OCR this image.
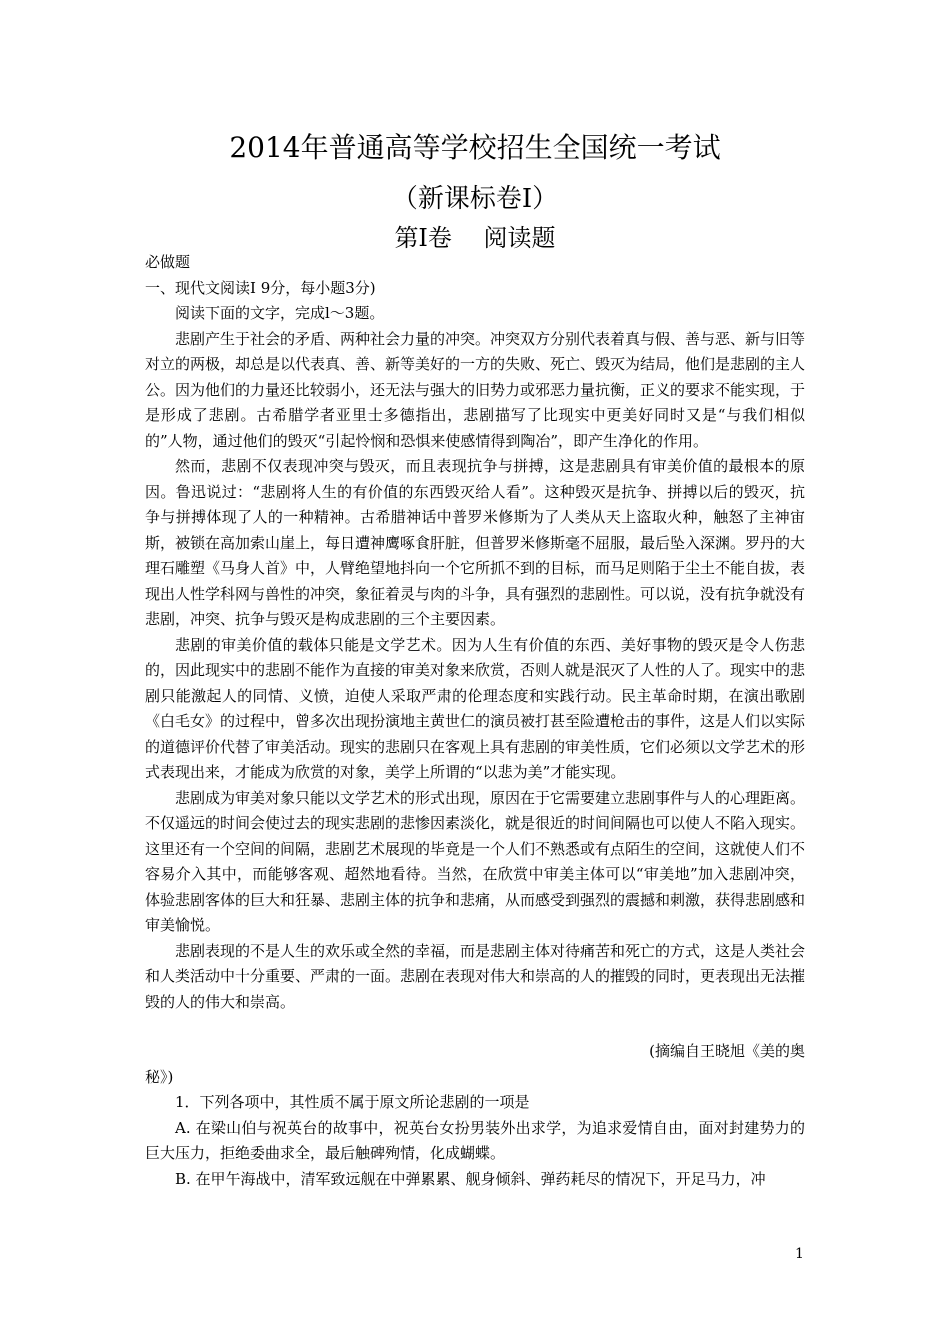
2014年普通高等学校招生全国统一考试
（新课标卷Ⅰ）
第Ⅰ卷　 阅读题

必做题

一、现代文阅读I 9分，每小题3分)

阅读下面的文字，完成l～3题。

悲剧产生于社会的矛盾、两种社会力量的冲突。冲突双方分别代表着真与假、善与恶、新与旧等对立的两极，却总是以代表真、善、新等美好的一方的失败、死亡、毁灭为结局，他们是悲剧的主人公。因为他们的力量还比较弱小，还无法与强大的旧势力或邪恶力量抗衡，正义的要求不能实现，于是形成了悲剧。古希腊学者亚里士多德指出，悲剧描写了比现实中更美好同时又是“与我们相似的”人物，通过他们的毁灭“引起怜悯和恐惧来使感情得到陶冶”，即产生净化的作用。

然而，悲剧不仅表现冲突与毁灭，而且表现抗争与拼搏，这是悲剧具有审美价值的最根本的原因。鲁迅说过：“悲剧将人生的有价值的东西毁灭给人看”。这种毁灭是抗争、拼搏以后的毁灭，抗争与拼搏体现了人的一种精神。古希腊神话中普罗米修斯为了人类从天上盗取火种，触怒了主神宙斯，被锁在高加索山崖上，每日遭神鹰啄食肝脏，但普罗米修斯毫不屈服，最后坠入深渊。罗丹的大理石雕塑《马身人首》中，人臂绝望地抖向一个它所抓不到的目标，而马足则陷于尘土不能自拔，表现出人性学科网与兽性的冲突，象征着灵与肉的斗争，具有强烈的悲剧性。可以说，没有抗争就没有悲剧，冲突、抗争与毁灭是构成悲剧的三个主要因素。

悲剧的审美价值的载体只能是文学艺术。因为人生有价值的东西、美好事物的毁灭是令人伤悲的，因此现实中的悲剧不能作为直接的审美对象来欣赏，否则人就是泯灭了人性的人了。现实中的悲剧只能激起人的同情、义愤，迫使人采取严肃的伦理态度和实践行动。民主革命时期，在演出歌剧《白毛女》的过程中，曾多次出现扮演地主黄世仁的演员被打甚至险遭枪击的事件，这是人们以实际的道德评价代替了审美活动。现实的悲剧只在客观上具有悲剧的审美性质，它们必须以文学艺术的形式表现出来，才能成为欣赏的对象，美学上所谓的“以悲为美”才能实现。

悲剧成为审美对象只能以文学艺术的形式出现，原因在于它需要建立悲剧事件与人的心理距离。不仅遥远的时间会使过去的现实悲剧的悲惨因素淡化，就是很近的时间间隔也可以使人不陷入现实。这里还有一个空间的间隔，悲剧艺术展现的毕竟是一个人们不熟悉或有点陌生的空间，这就使人们不容易介入其中，而能够客观、超然地看待。当然，在欣赏中审美主体可以“审美地”加入悲剧冲突，体验悲剧客体的巨大和狂暴、悲剧主体的抗争和悲痛，从而感受到强烈的震撼和刺激，获得悲剧感和审美愉悦。

悲剧表现的不是人生的欢乐或全然的幸福，而是悲剧主体对待痛苦和死亡的方式，这是人类社会和人类活动中十分重要、严肃的一面。悲剧在表现对伟大和崇高的人的摧毁的同时，更表现出无法摧毁的人的伟大和崇高。

(摘编自王晓旭《美的奥

秘》)

1．下列各项中，其性质不属于原文所论悲剧的一项是

A. 在梁山伯与祝英台的故事中，祝英台女扮男装外出求学，为追求爱情自由，面对封建势力的巨大压力，拒绝委曲求全，最后触碑殉情，化成蝴蝶。

B. 在甲午海战中，清军致远舰在中弹累累、舰身倾斜、弹药耗尽的情况下，开足马力，冲

1
